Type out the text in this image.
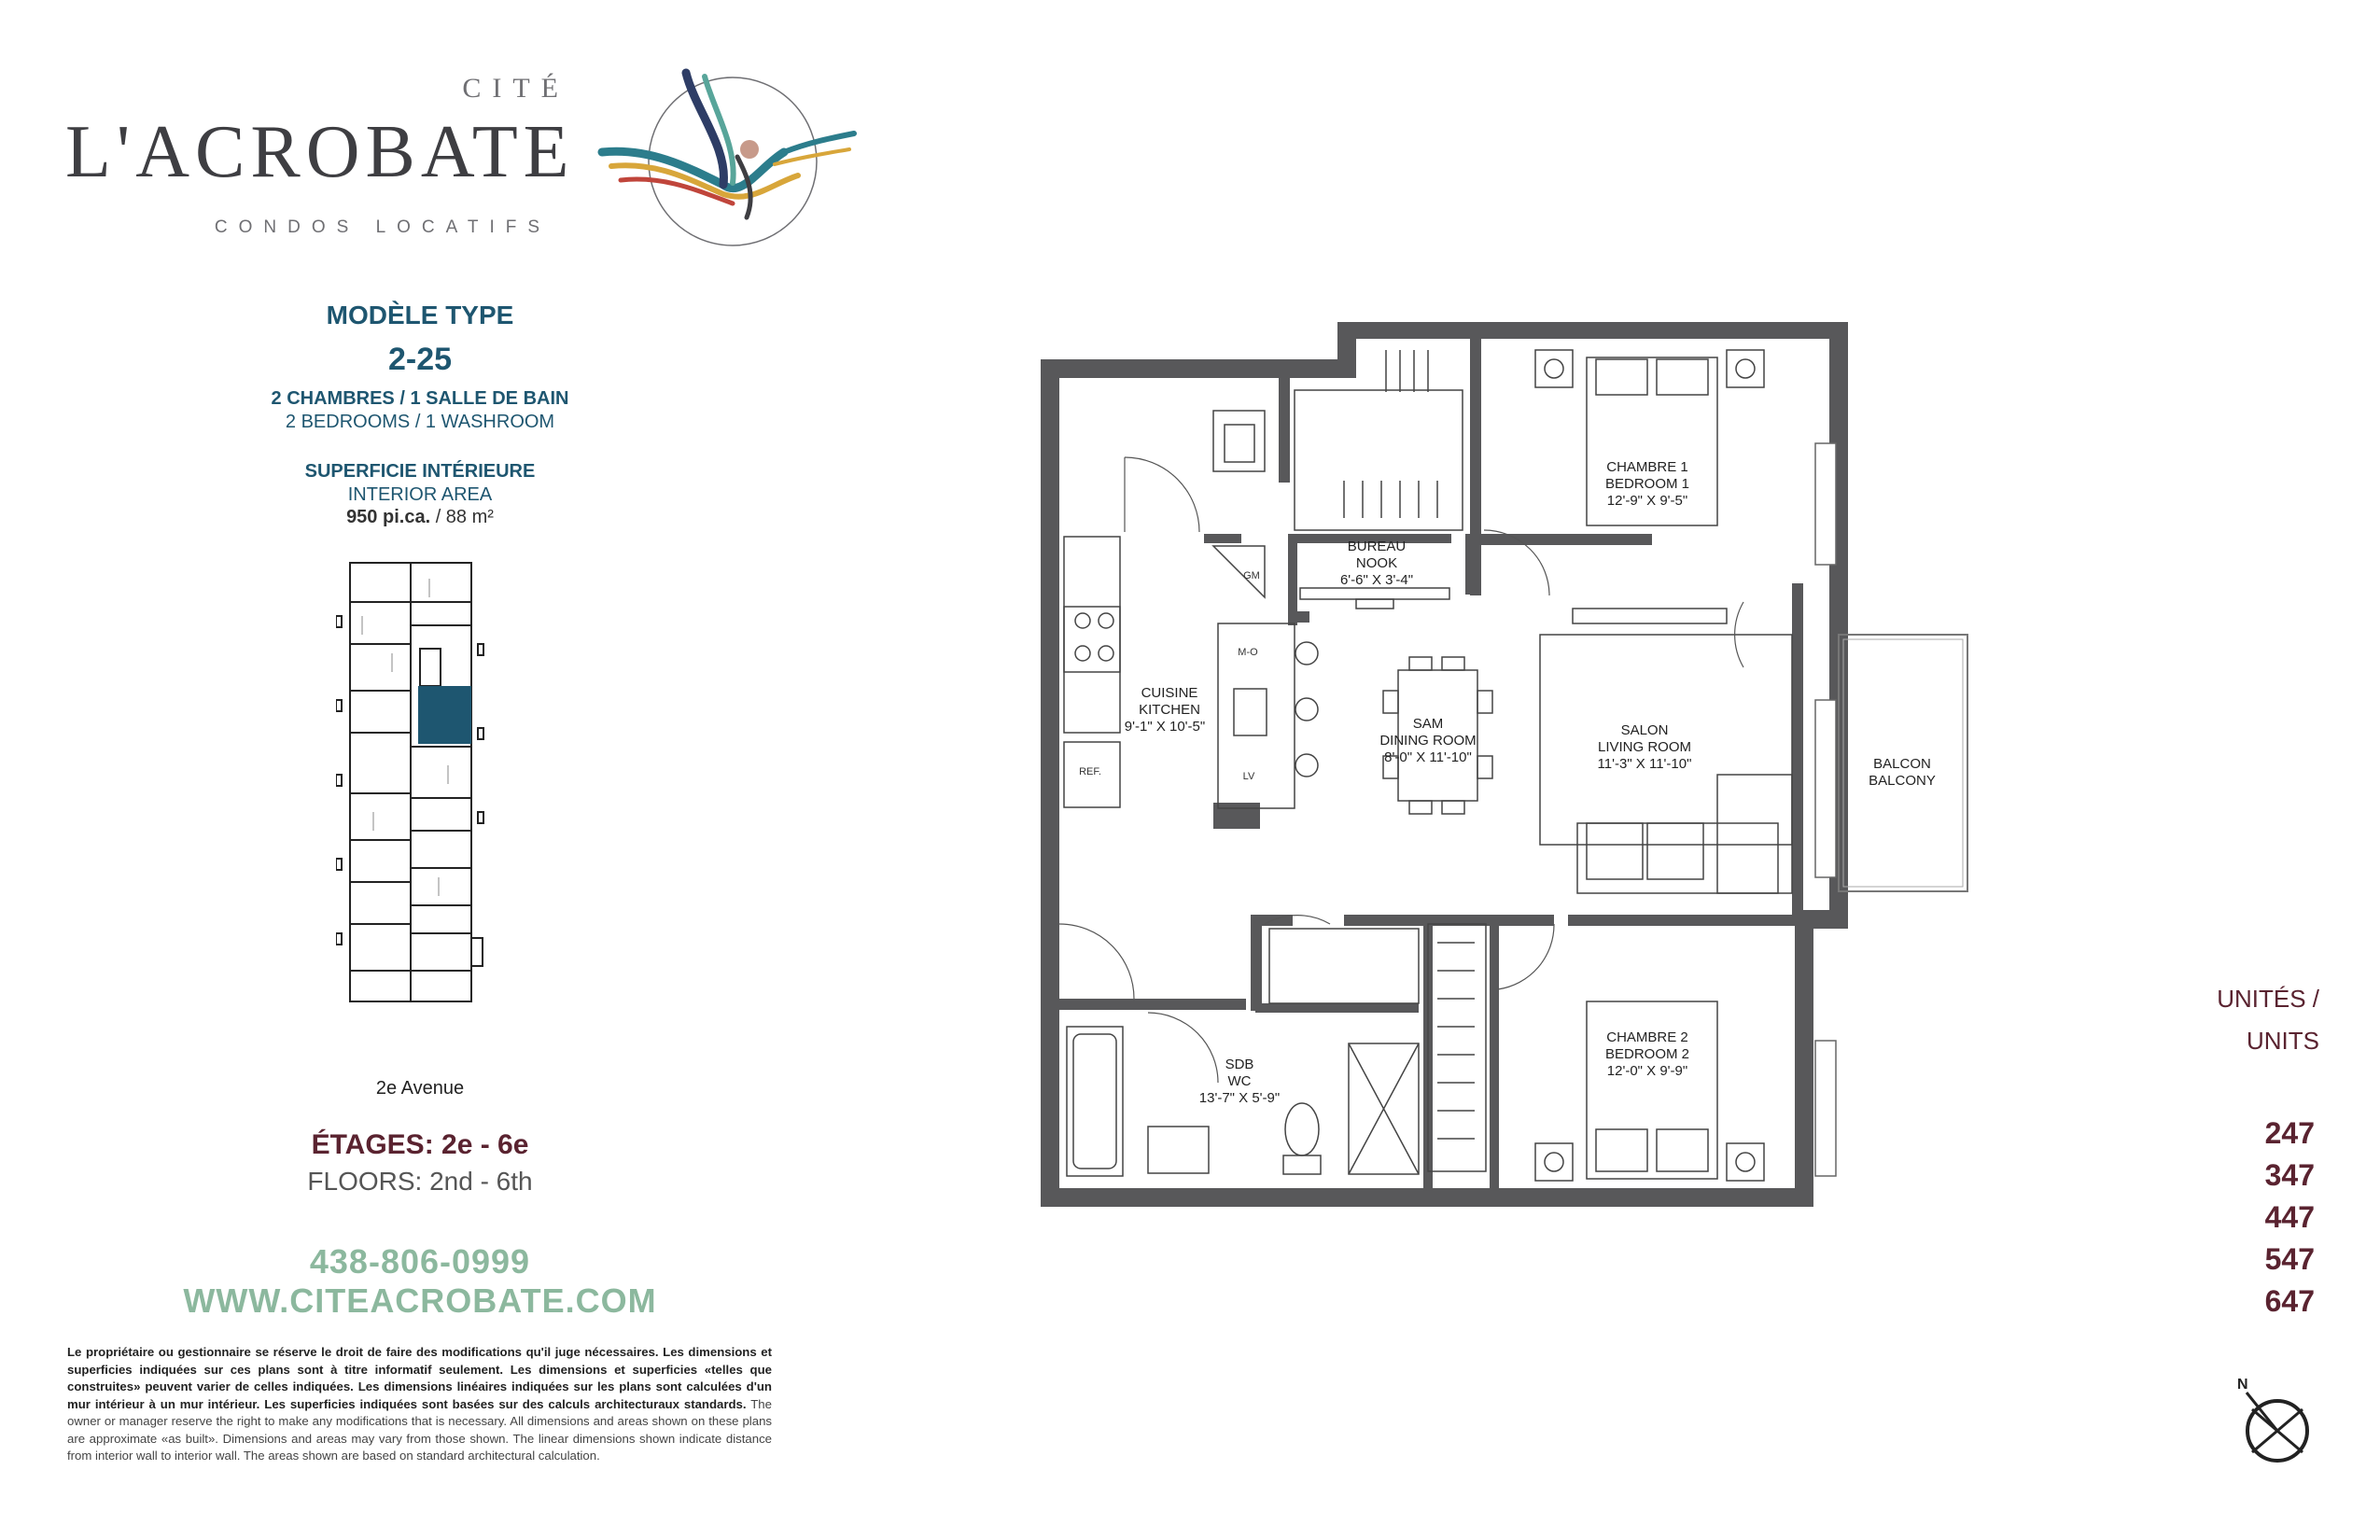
CITÉ
L'ACROBATE
CONDOS LOCATIFS
MODÈLE TYPE
2-25
2 CHAMBRES / 1 SALLE DE BAIN
2 BEDROOMS / 1 WASHROOM
SUPERFICIE INTÉRIEURE
INTERIOR AREA
950 pi.ca. / 88 m²
2e Avenue
ÉTAGES: 2e - 6e
FLOORS: 2nd - 6th
438-806-0999
WWW.CITEACROBATE.COM
Le propriétaire ou gestionnaire se réserve le droit de faire des modifications qu'il juge nécessaires. Les dimensions et superficies indiquées sur ces plans sont à titre informatif seulement. Les dimensions et superficies «telles que construites» peuvent varier de celles indiquées. Les dimensions linéaires indiquées sur les plans sont calculées d'un mur intérieur à un mur intérieur. Les superficies indiquées sont basées sur des calculs architecturaux standards. The owner or manager reserve the right to make any modifications that is necessary. All dimensions and areas shown on these plans are approximate «as built». Dimensions and areas may vary from those shown. The linear dimensions shown indicate distance from interior wall to interior wall. The areas shown are based on standard architectural calculation.
UNITÉS /
UNITS
247
347
447
547
647
N
CHAMBRE 1
BEDROOM 1
12'-9" X 9'-5"
BUREAU
NOOK
6'-6" X 3'-4"
CUISINE
KITCHEN
9'-1" X 10'-5"	SAM
DINING ROOM
8'-0" X 11'-10"
SALON
LIVING ROOM
11'-3" X 11'-10"	BALCON
BALCONY
CHAMBRE 2
BEDROOM 2
12'-0" X 9'-9"
SDB
WC
13'-7" X 5'-9"
GM
M-O
LV
REF.
